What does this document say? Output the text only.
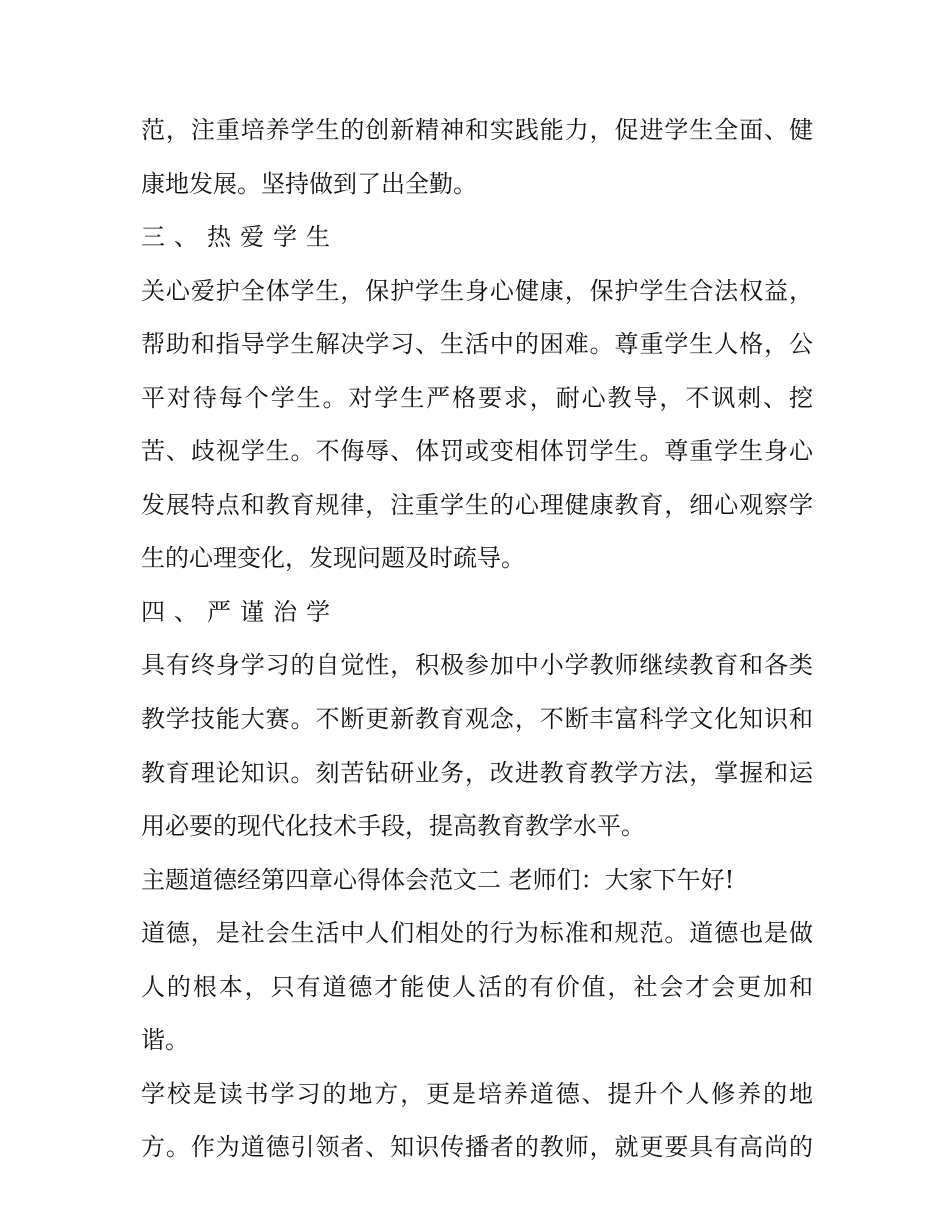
范，注重培养学生的创新精神和实践能力，促进学生全面、健
康地发展。坚持做到了出全勤。
三、热爱学生
关心爱护全体学生，保护学生身心健康，保护学生合法权益，
帮助和指导学生解决学习、生活中的困难。尊重学生人格，公
平对待每个学生。对学生严格要求，耐心教导，不讽刺、挖
苦、歧视学生。不侮辱、体罚或变相体罚学生。尊重学生身心
发展特点和教育规律，注重学生的心理健康教育，细心观察学
生的心理变化，发现问题及时疏导。
四、严谨治学
具有终身学习的自觉性，积极参加中小学教师继续教育和各类
教学技能大赛。不断更新教育观念，不断丰富科学文化知识和
教育理论知识。刻苦钻研业务，改进教育教学方法，掌握和运
用必要的现代化技术手段，提高教育教学水平。
主题道德经第四章心得体会范文二 老师们：大家下午好!
道德，是社会生活中人们相处的行为标准和规范。道德也是做
人的根本，只有道德才能使人活的有价值，社会才会更加和
谐。
学校是读书学习的地方，更是培养道德、提升个人修养的地
方。作为道德引领者、知识传播者的教师，就更要具有高尚的
